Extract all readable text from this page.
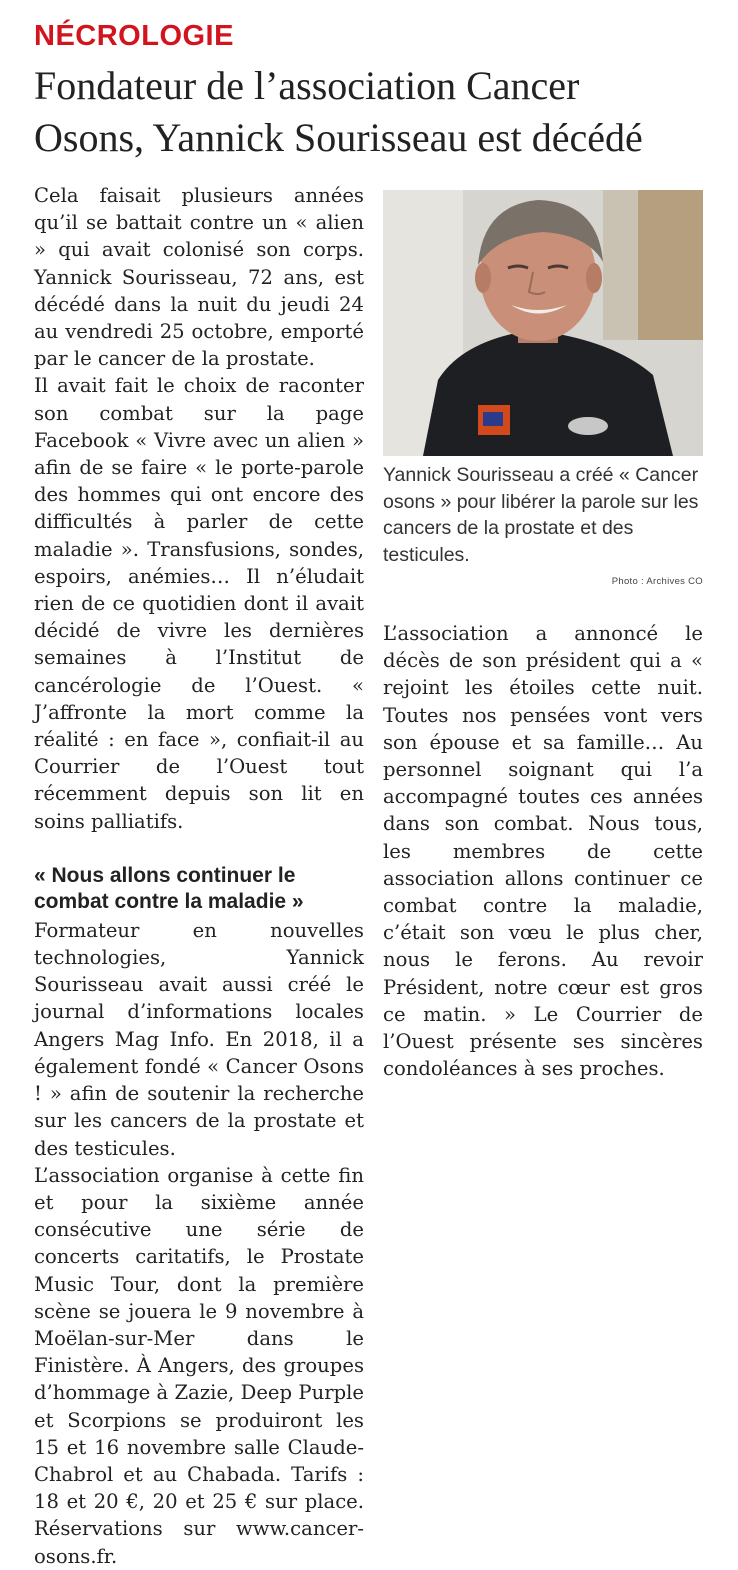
NÉCROLOGIE
Fondateur de l’association Cancer
Osons, Yannick Sourisseau est décédé

Cela faisait plusieurs années qu’il se battait contre un « alien » qui avait colonisé son corps. Yannick Sourisseau, 72 ans, est décédé dans la nuit du jeudi 24 au vendredi 25 octobre, emporté par le cancer de la prostate.

Il avait fait le choix de raconter son combat sur la page Facebook « Vivre avec un alien » afin de se faire « le porte-parole des hommes qui ont encore des difficultés à parler de cette maladie ». Transfusions, sondes, espoirs, anémies… Il n’éludait rien de ce quotidien dont il avait décidé de vivre les dernières semaines à l’Institut de cancérologie de l’Ouest. « J’affronte la mort comme la réalité : en face », confiait-il au Courrier de l’Ouest tout récemment depuis son lit en soins palliatifs.

« Nous allons continuer le combat contre la maladie »

Formateur en nouvelles technologies, Yannick Sourisseau avait aussi créé le journal d’informations locales Angers Mag Info. En 2018, il a également fondé « Cancer Osons ! » afin de soutenir la recherche sur les cancers de la prostate et des testicules.

L’association organise à cette fin et pour la sixième année consécutive une série de concerts caritatifs, le Prostate Music Tour, dont la première scène se jouera le 9 novembre à Moëlan-sur-Mer dans le Finistère. À Angers, des groupes d’hommage à Zazie, Deep Purple et Scorpions se produiront les 15 et 16 novembre salle Claude-Chabrol et au Chabada. Tarifs : 18 et 20 €, 20 et 25 € sur place. Réservations sur www.cancer-osons.fr.

Yannick Sourisseau a créé « Cancer osons » pour libérer la parole sur les cancers de la prostate et des testicules.
Photo : Archives CO

L’association a annoncé le décès de son président qui a « rejoint les étoiles cette nuit. Toutes nos pensées vont vers son épouse et sa famille… Au personnel soignant qui l’a accompagné toutes ces années dans son combat. Nous tous, les membres de cette association allons continuer ce combat contre la maladie, c’était son vœu le plus cher, nous le ferons. Au revoir Président, notre cœur est gros ce matin. » Le Courrier de l’Ouest présente ses sincères condoléances à ses proches.
